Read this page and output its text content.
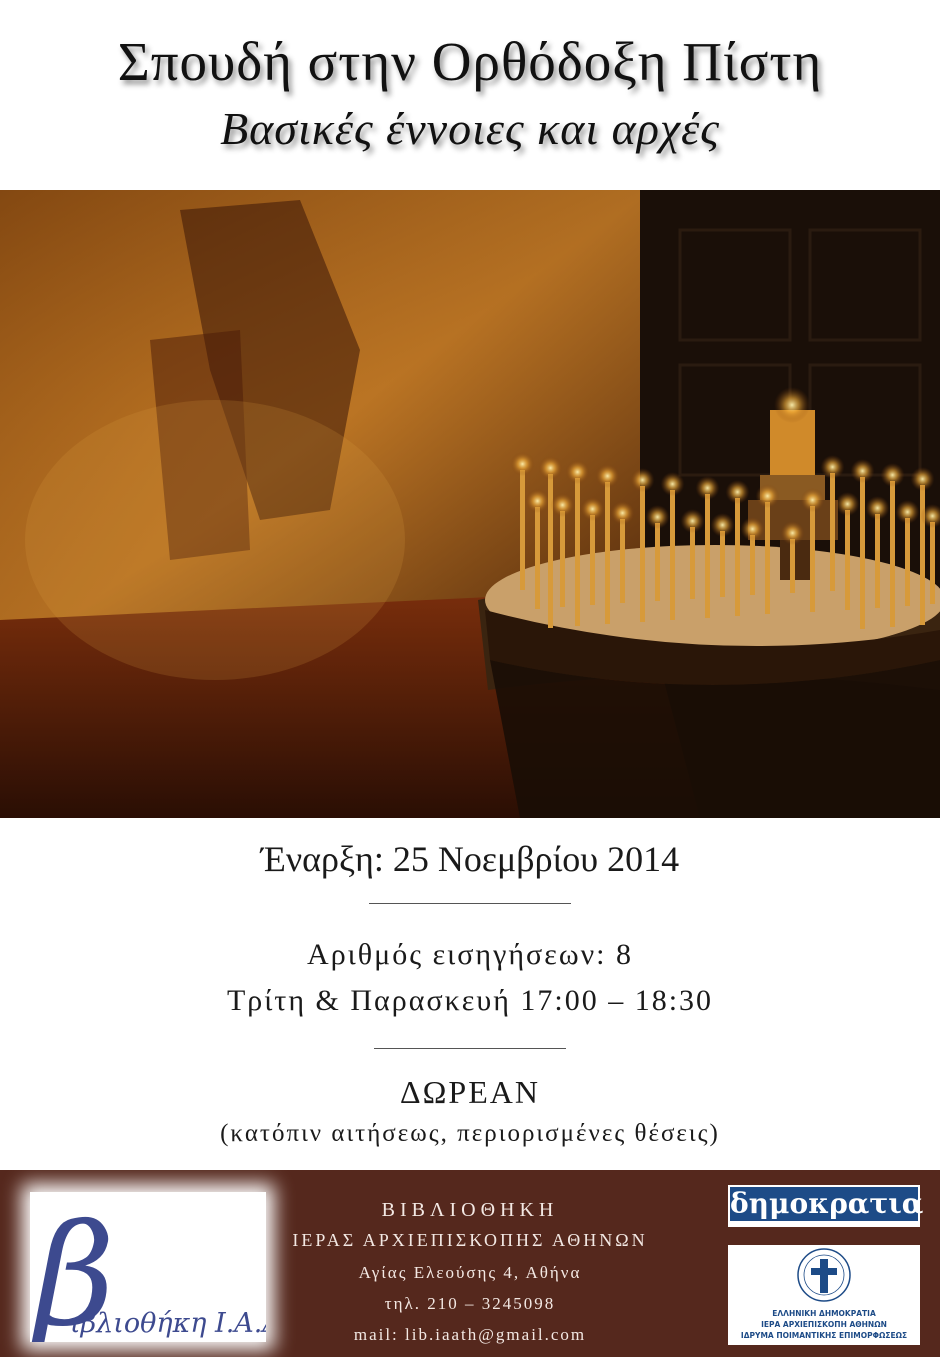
Σπουδή στην Ορθόδοξη Πίστη
Βασικές έννοιες και αρχές
Έναρξη: 25 Νοεμβρίου 2014
Αριθμός εισηγήσεων: 8
Τρίτη & Παρασκευή 17:00 – 18:30
ΔΩΡΕΑΝ
(κατόπιν αιτήσεως, περιορισμένες θέσεις)
β
ιβλιοθήκη Ι.Α.Α
ΒΙΒΛΙΟΘΗΚΗ
ΙΕΡΑΣ ΑΡΧΙΕΠΙΣΚΟΠΗΣ ΑΘΗΝΩΝ
Αγίας Ελεούσης 4, Αθήνα
τηλ. 210 – 3245098
mail: lib.iaath@gmail.com
δημοκρατια
ΕΛΛΗΝΙΚΗ ΔΗΜΟΚΡΑΤΙΑ
ΙΕΡΑ ΑΡΧΙΕΠΙΣΚΟΠΗ ΑΘΗΝΩΝ
ΙΔΡΥΜΑ ΠΟΙΜΑΝΤΙΚΗΣ ΕΠΙΜΟΡΦΩΣΕΩΣ
